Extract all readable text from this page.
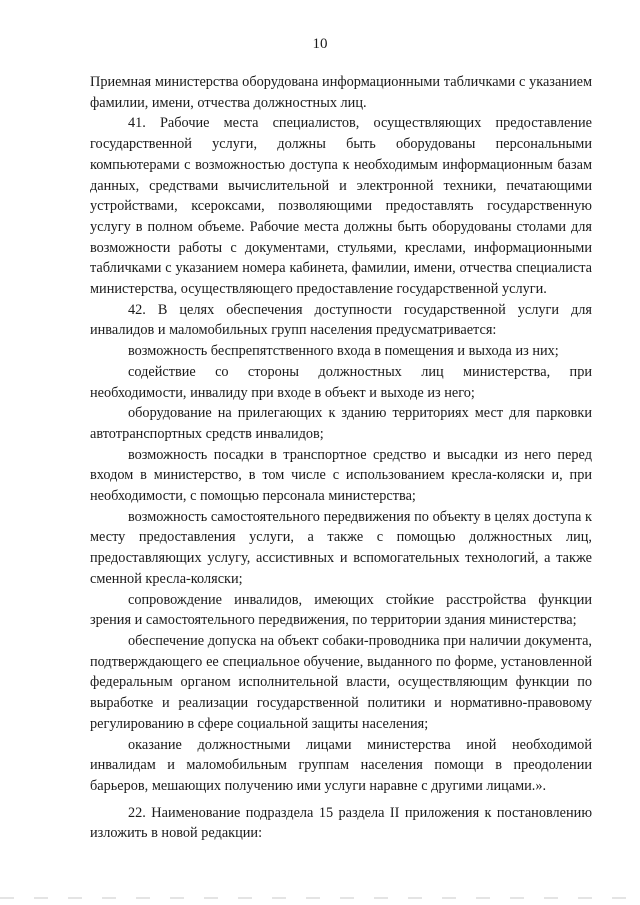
10

Приемная министерства оборудована информационными табличками с указанием фамилии, имени, отчества должностных лиц.

41. Рабочие места специалистов, осуществляющих предоставление государственной услуги, должны быть оборудованы персональными компьютерами с возможностью доступа к необходимым информационным базам данных, средствами вычислительной и электронной техники, печатающими устройствами, ксероксами, позволяющими предоставлять государственную услугу в полном объеме. Рабочие места должны быть оборудованы столами для возможности работы с документами, стульями, креслами, информационными табличками с указанием номера кабинета, фамилии, имени, отчества специалиста министерства, осуществляющего предоставление государственной услуги.

42. В целях обеспечения доступности государственной услуги для инвалидов и маломобильных групп населения предусматривается:

возможность беспрепятственного входа в помещения и выхода из них;

содействие со стороны должностных лиц министерства, при необходимости, инвалиду при входе в объект и выходе из него;

оборудование на прилегающих к зданию территориях мест для парковки автотранспортных средств инвалидов;

возможность посадки в транспортное средство и высадки из него перед входом в министерство, в том числе с использованием кресла-коляски и, при необходимости, с помощью персонала министерства;

возможность самостоятельного передвижения по объекту в целях доступа к месту предоставления услуги, а также с помощью должностных лиц, предоставляющих услугу, ассистивных и вспомогательных технологий, а также сменной кресла-коляски;

сопровождение инвалидов, имеющих стойкие расстройства функции зрения и самостоятельного передвижения, по территории здания министерства;

обеспечение допуска на объект собаки-проводника при наличии документа, подтверждающего ее специальное обучение, выданного по форме, установленной федеральным органом исполнительной власти, осуществляющим функции по выработке и реализации государственной политики и нормативно-правовому регулированию в сфере социальной защиты населения;

оказание должностными лицами министерства иной необходимой инвалидам и маломобильным группам населения помощи в преодолении барьеров, мешающих получению ими услуги наравне с другими лицами.».

22. Наименование подраздела 15 раздела II приложения к постановлению изложить в новой редакции:
